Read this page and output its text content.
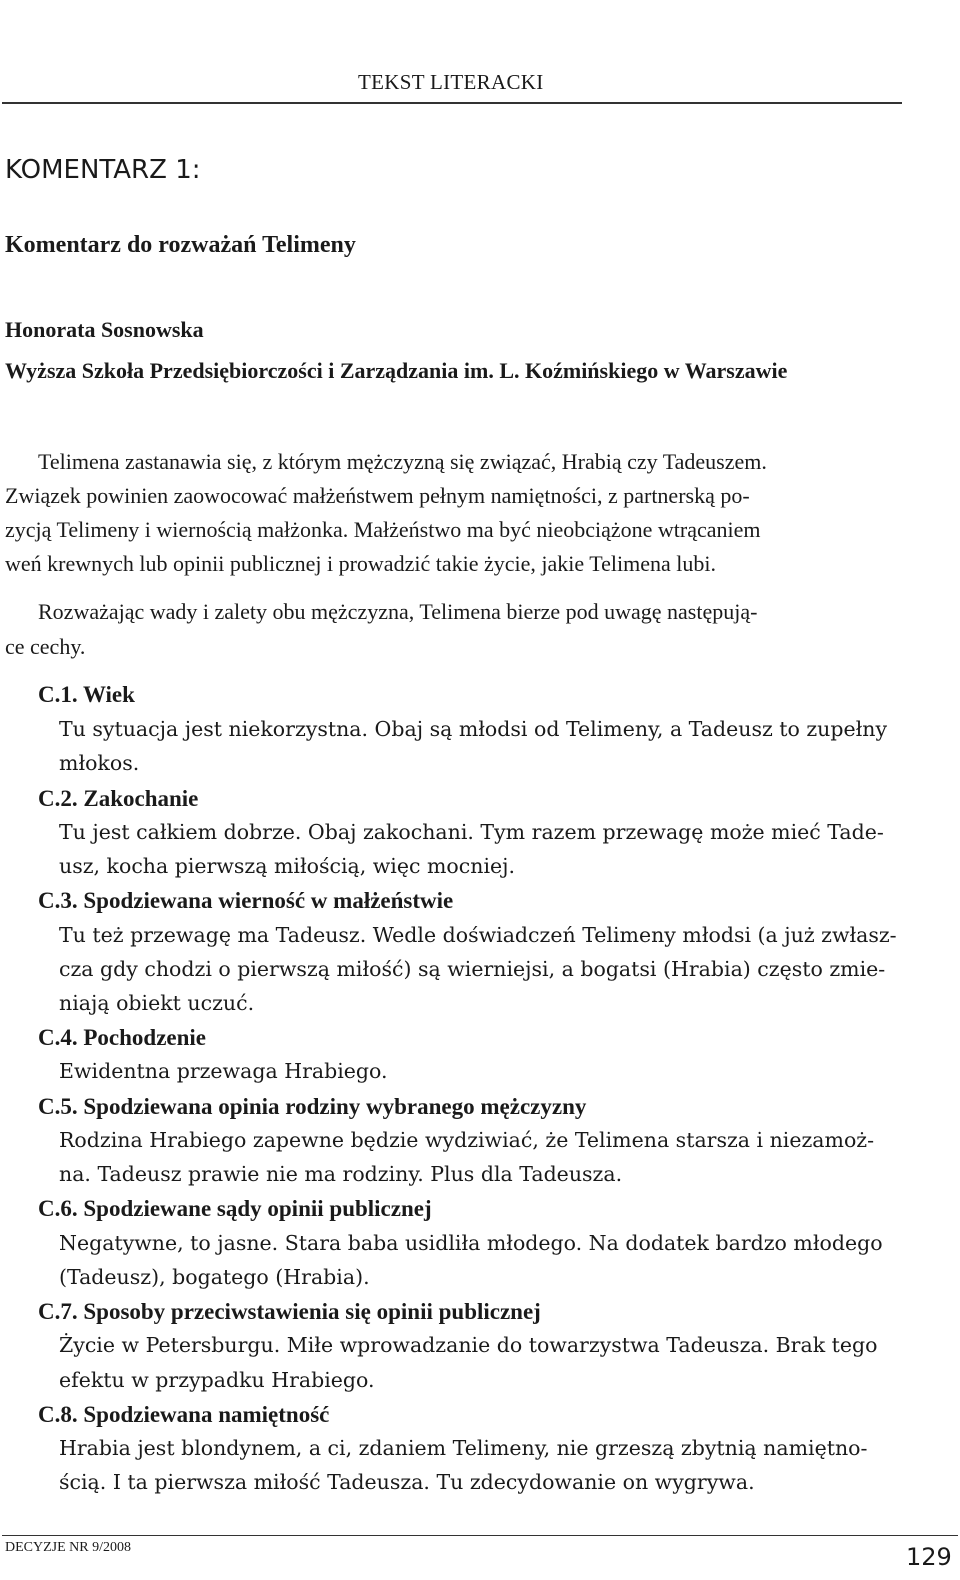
TEKST LITERACKI
KOMENTARZ 1:
Komentarz do rozważań Telimeny
Honorata Sosnowska
Wyższa Szkoła Przedsiębiorczości i Zarządzania im. L. Koźmińskiego w Warszawie
Telimena zastanawia się, z którym mężczyzną się związać, Hrabią czy Tadeuszem.
Związek powinien zaowocować małżeństwem pełnym namiętności, z partnerską po-
zycją Telimeny i wiernością małżonka. Małżeństwo ma być nieobciążone wtrącaniem
weń krewnych lub opinii publicznej i prowadzić takie życie, jakie Telimena lubi.
Rozważając wady i zalety obu mężczyzna, Telimena bierze pod uwagę następują-
ce cechy.
C.1. Wiek
Tu sytuacja jest niekorzystna. Obaj są młodsi od Telimeny, a Tadeusz to zupełny
młokos.
C.2. Zakochanie
Tu jest całkiem dobrze. Obaj zakochani. Tym razem przewagę może mieć Tade-
usz, kocha pierwszą miłością, więc mocniej.
C.3. Spodziewana wierność w małżeństwie
Tu też przewagę ma Tadeusz. Wedle doświadczeń Telimeny młodsi (a już zwłasz-
cza gdy chodzi o pierwszą miłość) są wierniejsi, a bogatsi (Hrabia) często zmie-
niają obiekt uczuć.
C.4. Pochodzenie
Ewidentna przewaga Hrabiego.
C.5. Spodziewana opinia rodziny wybranego mężczyzny
Rodzina Hrabiego zapewne będzie wydziwiać, że Telimena starsza i niezamoż-
na. Tadeusz prawie nie ma rodziny. Plus dla Tadeusza.
C.6. Spodziewane sądy opinii publicznej
Negatywne, to jasne. Stara baba usidliła młodego. Na dodatek bardzo młodego
(Tadeusz), bogatego (Hrabia).
C.7. Sposoby przeciwstawienia się opinii publicznej
Życie w Petersburgu. Miłe wprowadzanie do towarzystwa Tadeusza. Brak tego
efektu w przypadku Hrabiego.
C.8. Spodziewana namiętność
Hrabia jest blondynem, a ci, zdaniem Telimeny, nie grzeszą zbytnią namiętno-
ścią. I ta pierwsza miłość Tadeusza. Tu zdecydowanie on wygrywa.
DECYZJE NR 9/2008	129
